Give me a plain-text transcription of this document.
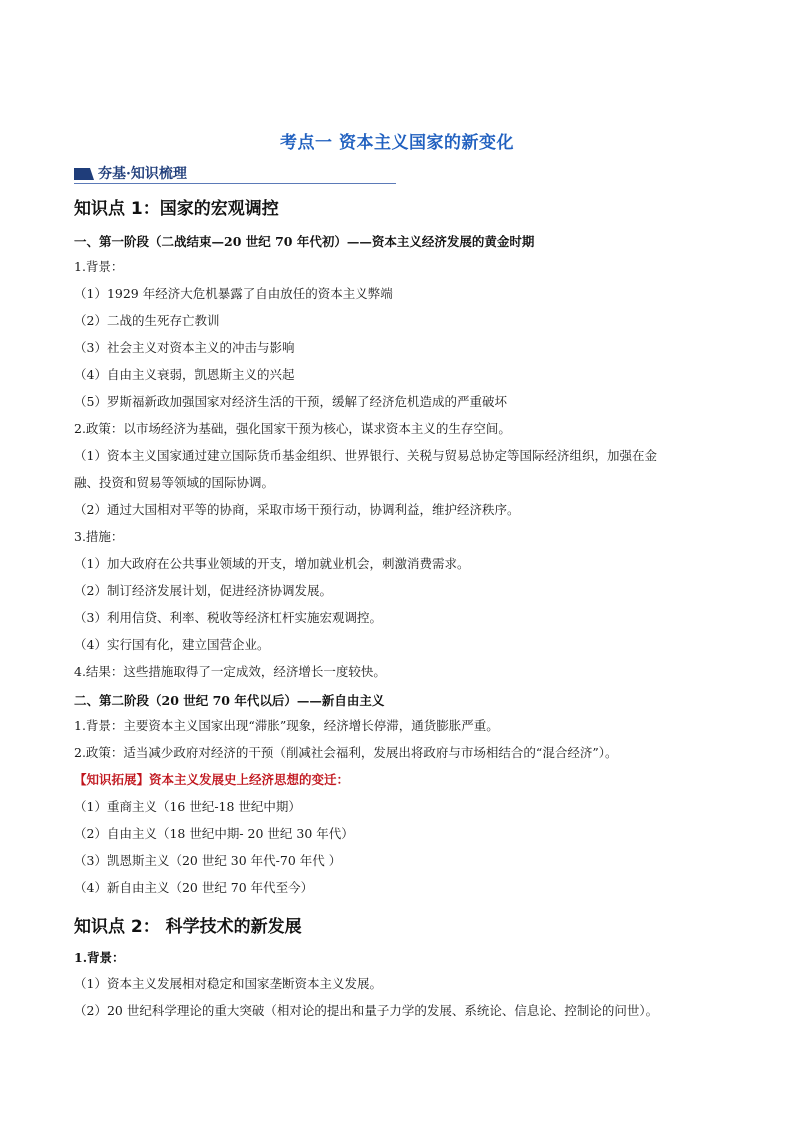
考点一 资本主义国家的新变化
夯基·知识梳理
知识点 1：国家的宏观调控
一、第一阶段（二战结束—20 世纪 70 年代初）——资本主义经济发展的黄金时期
1.背景：
（1）1929 年经济大危机暴露了自由放任的资本主义弊端
（2）二战的生死存亡教训
（3）社会主义对资本主义的冲击与影响
（4）自由主义衰弱，凯恩斯主义的兴起
（5）罗斯福新政加强国家对经济生活的干预，缓解了经济危机造成的严重破坏
2.政策：以市场经济为基础，强化国家干预为核心，谋求资本主义的生存空间。
（1）资本主义国家通过建立国际货币基金组织、世界银行、关税与贸易总协定等国际经济组织，加强在金
融、投资和贸易等领域的国际协调。
（2）通过大国相对平等的协商，采取市场干预行动，协调利益，维护经济秩序。
3.措施：
（1）加大政府在公共事业领域的开支，增加就业机会，刺激消费需求。
（2）制订经济发展计划，促进经济协调发展。
（3）利用信贷、利率、税收等经济杠杆实施宏观调控。
（4）实行国有化，建立国营企业。
4.结果：这些措施取得了一定成效，经济增长一度较快。
二、第二阶段（20 世纪 70 年代以后）——新自由主义
1.背景：主要资本主义国家出现“滞胀”现象，经济增长停滞，通货膨胀严重。
2.政策：适当减少政府对经济的干预（削减社会福利，发展出将政府与市场相结合的“混合经济”）。
【知识拓展】资本主义发展史上经济思想的变迁：
（1）重商主义（16 世纪-18 世纪中期）
（2）自由主义（18 世纪中期- 20 世纪 30 年代）
（3）凯恩斯主义（20 世纪 30 年代-70 年代 ）
（4）新自由主义（20 世纪 70 年代至今）
知识点 2： 科学技术的新发展
1.背景：
（1）资本主义发展相对稳定和国家垄断资本主义发展。
（2）20 世纪科学理论的重大突破（相对论的提出和量子力学的发展、系统论、信息论、控制论的问世）。
